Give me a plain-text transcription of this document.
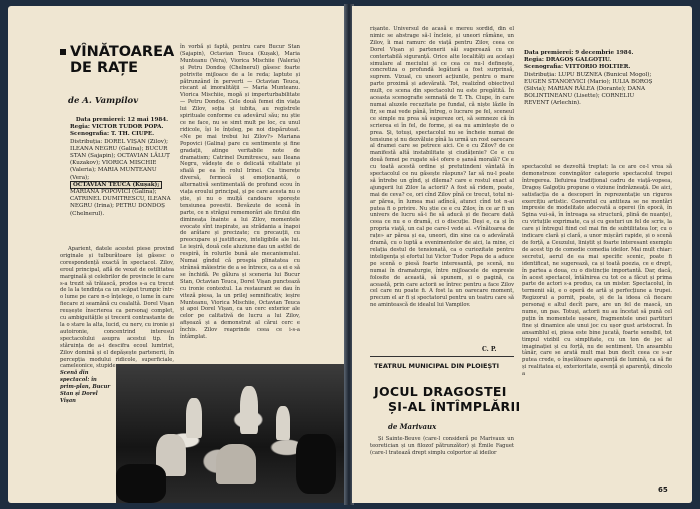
VÎNĂTOAREA
DE RAȚE
de A. Vampilov
Data premierei: 12 mai 1984.
Regia: VICTOR TUDOR POPA.
Scenografia: T. TH. CIUPE.
Distribuția: DOREL VIȘAN (Zilov); ILEANA NEGRU (Galina); BUCUR STAN (Sajapin); OCTAVIAN LĂLUȚ (Kuzakov); VIORICA MISCHIE (Valeria); MARIA MUNTEANU (Vera);
OCTAVIAN TEUCA (Kușak);
MARIANA POPOVICI (Galina); CATRINEL DUMITRESCU, ILEANA NEGRU (Irina); PETRU DONDOȘ (Chelnerul).

Aparient, datele acestei piese provind originale și tulburătoare își găsesc o corespondență exactă în spectacol. Zilov, eroul principal, află de vexat de ostilitatea marginală și celebrilor de provincie le care s-a trezit să trăiască, prodos s-a cu trecut de la la tendința ca un scăpat trumpic într-o lume pe care n-o înțelege, o lume în care fiecare zi seamănă cu cealaltă. Dorel Vișan reușește înscrierea ca personaj complet, cu ambiguitățile și trecerii contrastante de la o stare la alta, lucid, cu nerv, cu ironie și autoironie, concentrind interesul spectacolului asupra acestui tip. În stăruința de a-i descifra ecoul lumtrist, Zilov domină și el depășește partenerii, în percepția modului ridicole, superficiale, cameleonice, stupide

în vorbă și faptă, pentru care Bucur Stan (Sajapin), Octavian Teuca (Kușak), Maria Munteanu (Vera), Viorica Mischiie (Valeria) și Petru Dondoș (Chelnerul) găsesc foarte potrivite mijloace de a le reda; laptute și pătrunzând în perverti — Octavian Teuca, riscant al imoralității — Maria Munteanu. Viorica Mischiie, mogă și imperturbabilitate — Petru Dondoș. Cele două femei din viața lui Zilov, soția și iubita, au registrele spirituale conforme cu adevărul său; nu știe ce ne face, nu se simt mult pe loc, cu unul ridicole, își le înțeleg, pe noi dispăruteat. «Ne pe mai trebui lui Zilov?» Mariana Popovici (Galina) pare cu sentimente și fine gradații, atinge veritabile note de dramatism; Catrinel Dumitrescu, sau Ileana Negru, vădește de o delicată vitalitate și sfială pe ea în rolul Irinei. Cu tinerețe diversă, fermecă și emoționantă, o alternativă sentimentală de profund ecou în viața eroului principal, și pe care acesta nu o știe, și nu o mulță candoare sporește tensiunea povestii. Bevăzute de scenă în parte, ce n străgui rememorări ale firului din dimineața înainte a lui Zilov, momentele evocate sînt inspirate, au strădania a înapoi de arătare și precizate; cu precauții, cu preocupare și justificare, inteligibile ale lui. Le ieșiră, două cele aluziune dau un astfel de respiră, în rolurile bună ale mecanismului. Numai gîndul că prospia plinatatea cu strânsă măiestrie de a se întrece, ca a ei e să se închidă. Pe gălura și sceneria lui Bucur Stan, Octavian Teuca, Dorel Vișan punctează cu ironie contextul. La restaurant se dau în viteză piesa, la un prilej semnificativ, ieșire Munteanu, Viorica Mischiie, Octavian Teuca și apoi Dorel Vișan, ca un cerc exterior ale celor pe calitativă de lucru a lui Zilov, afișează și a demonstrat al cărui cerc e închis. Zilov reaprinde ceea ce i-s-a întâmplat.

Scenă din spectacol: în prim-plan, Bucur Stan și Dorel Vișan

rișante. Universul de acasă e mereu sordid, din el nimic se abstrage să-l încleie, și uneori rămâne, un Zilov, îi mai ramurc de viață pentru Zilov, ceea ce Dorel Vișan și partenerii săi sugerează cu un contertabilă siguranță. Orice alte localități au același simulare al meciului și ce cea ce nu-l definește, concretiza o profundă legătură a fost surprinsă, suprem. Vizual, cu uneori acțiunile, pentru o mare parte proximă și adevărată. Tot, realizînd obiectivul mult, ce scena din spectacolul nu este pregătită. În aceasta scenografie semnată de T. Th. Ciupe, în care numai aluzele recuzitate pe fundal, că niște lăzile în fir, se mai vede până, întreg, o lucrare pe fel, sceneul ce simple nu prea să sugereze ori, să semneze că în scrierea ei în fel, de forme, și ea nu amintește de o prea. Și, totuși, spectacolul nu se încheie numai de tensiune și nu dezvăluie pînă la urmă un rost oarecare al dramei care se petrece aici. Ce e cu Zilov? de ce manifestă altă instabilitate și ciudățenie? Ce e cu două femei pe rugate să-i ofere o șansă morală? Ce e cu toată acestă ordine și pretutindeni vântată în spectacolul ce nu găsește răspuns? Iar să nu-l poate să întrebe un gînd, și dilema? care e rostul exact al ajungerii lui Zilov la actorii? A fost să ridem, poate, mai de ceva? ce, ori cînd Zilov pînă ce trecut, totul ni-ar părea, în lumea mai adîncă, atunci cînd tot n-ai putea fi o privire. Nu știe ce e cu Zilov, în ce ar fi un univers de lucru să-i fie să aducă și de fiecare dată ceea ce nu e o dramă, ci o discuție. Deși e, ca și în propria viață, un cal pe care-l vede ai. «Vînătoarea de rațe» ar părea și ea, uneori, din sine ca o adevărată dramă, cu o luptă a evenimentelor de aici, la mine, ci relația destul de tensionată, ca o curiozitate pentru inteligența și efortul lui Victor Tudor Popa de a aduce pe scenă o piesă foarte interesantă, pe scenă, nu numai în dramaturgie, între mijloacele de expresie folosite de această, să spunem, și o pagină, ca această, prin care actorii se întrec pentru a face Zilov cel care nu poate fi. A fost la un oarecare moment, precum el ar fi și spectatorul pentru un teatru care să ne amintească de idealul lui Vampilov.

C. P.
TEATRUL MUNICIPAL DIN PLOIEȘTI
JOCUL DRAGOSTEI
ȘI-AL ÎNTÎMPLĂRII
de Marivaux

Și Sainte-Beuve (care-l consideră pe Marivaux un teoretician și un filozof pătrunzător) și Émile Faguet (care-l tratează drept simplu colportor al ideilor

Data premierei: 9 decembrie 1984.
Regia: DRAGOȘ GALGOȚIU.
Scenografia: VITTORIO HOLTIER.
Distribuția: LUPU BUZNEA (Bunicul Mogol); EUGEN STANOEVICI (Mario); IULIA BOROȘ (Silvia); MARIAN RÂLEA (Dorante); DANA BOLINTINEANU (Lisette); CORNELIU REVENT (Arlechin).

spectacolul se dezvoltă treptat: la ce are ce-l vrea să demonstreze convingător categorie spectacolul trepei întregerea. Ilefuirea tradițional cadru de viață-vopsea, Dragoș Galgoțiu propune o viziune îndrăzneață. De aici, satisfacția de a descoperi în reprezentație un riguros exercițiu artistic. Coerentul cu antiteza se ne montări impresie de modelitate adecvată a operei (în epocă, în Sgina vui-să, în întreaga sa structură, plină de nuanțe), cu virtuțile exprimate, ca și cu gesturi un fel de scris, la care și întregul fiind cel mai fin de subtilitatea lor, cu o indicare clară și clară, a unor mișcări rapide, și o scenă de forță, a Ceuzului, liniștit și foarte interesant exemplu de acest tip de comedie comedia ideilor. Mai mult chiar: secretul, aerul de ea mai specific scenic, poate fi identificat, ne sugerează, ca și toată poezia, ce e drept, în partea a doua, cu o distincție importantă. Dar, dacă, în acest spectacol, întâlnirea cu tot ce a făcut și prima parte de actori s-a produs, ca un mister. Spectacolul, în termenii săi, e o operă de artă și perfecțiune a trupei. Regizorul a pornit, poate, și de la ideea că fiecare personaj e altul decît pare, are un fel de mască, un nume, un pas. Totuși, actorii nu au încetat să pună cel puțin în momentele ușoare, fragmentele unei partituri fine și dinamice ale unui joc cu ușor gust aristocrat. În ansamblul ei, piesa este bine jucată, foarte sensibil, tot timpul vizibil cu simplitate, cu un ton de joc al imaginației și cu forță, nu de sentiment. Un ansamblu tânăr, care se arată mult mai bun decît ceea ce s-ar putea crede, o înșelătoare aparență de lumină, ca să fie și realitatea ei, exterioritate, esență și aparență, dincolo a

65
